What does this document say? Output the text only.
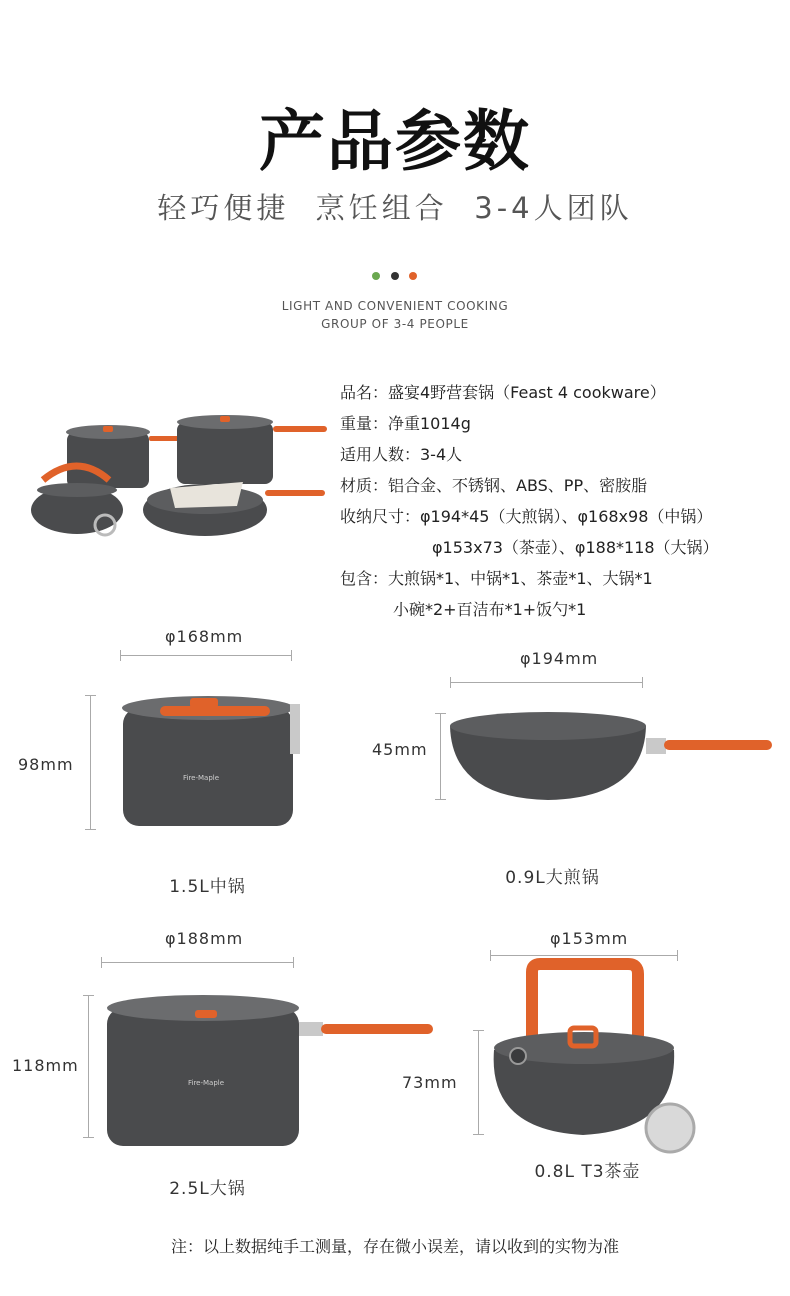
产品参数
轻巧便捷  烹饪组合  3-4人团队
LIGHT AND CONVENIENT COOKING
GROUP OF 3-4 PEOPLE
品名：盛宴4野营套锅（Feast 4 cookware）
重量：净重1014g
适用人数：3-4人
材质：铝合金、不锈钢、ABS、PP、密胺脂
收纳尺寸：φ194*45（大煎锅）、φ168x98（中锅）
φ153x73（茶壶）、φ188*118（大锅）
包含：大煎锅*1、中锅*1、茶壶*1、大锅*1
小碗*2+百洁布*1+饭勺*1
φ168mm
98mm
Fire-Maple
1.5L中锅
φ194mm
45mm
0.9L大煎锅
φ188mm
118mm
Fire-Maple
2.5L大锅
φ153mm
73mm
0.8L T3茶壶
注：以上数据纯手工测量，存在微小误差，请以收到的实物为准
